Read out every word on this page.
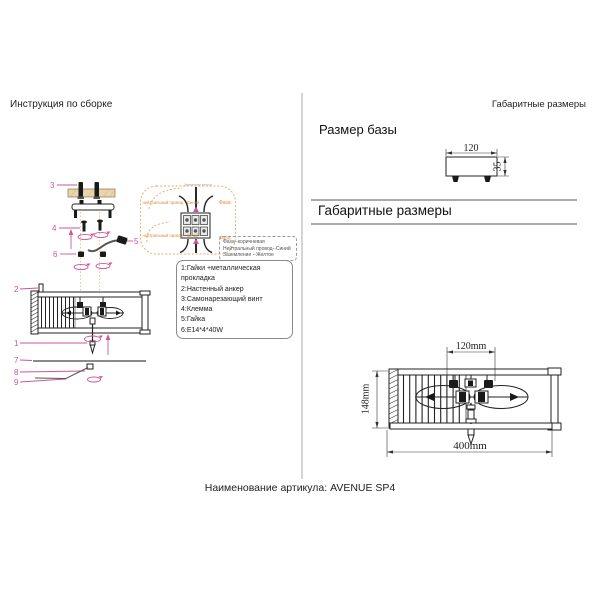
3
4
5
6
2
1
7
8
9
Заземление желтое
нейтральный провод - Синий	Фаза
нейтральный провод - синий	Фаза
120
35
120mm
148mm
400mm
Инструкция по сборке	Габаритные размеры
Размер базы
Габаритные размеры
Фаза--коричневая
Нейтральный провод--Синий
Заземление --Желтое
1:Гайки +металлическая прокладка
2:Настенный анкер
3:Самонарезающий винт
4:Клемма
5:Гайка
6:E14*4*40W
Наименование артикула: AVENUE SP4
